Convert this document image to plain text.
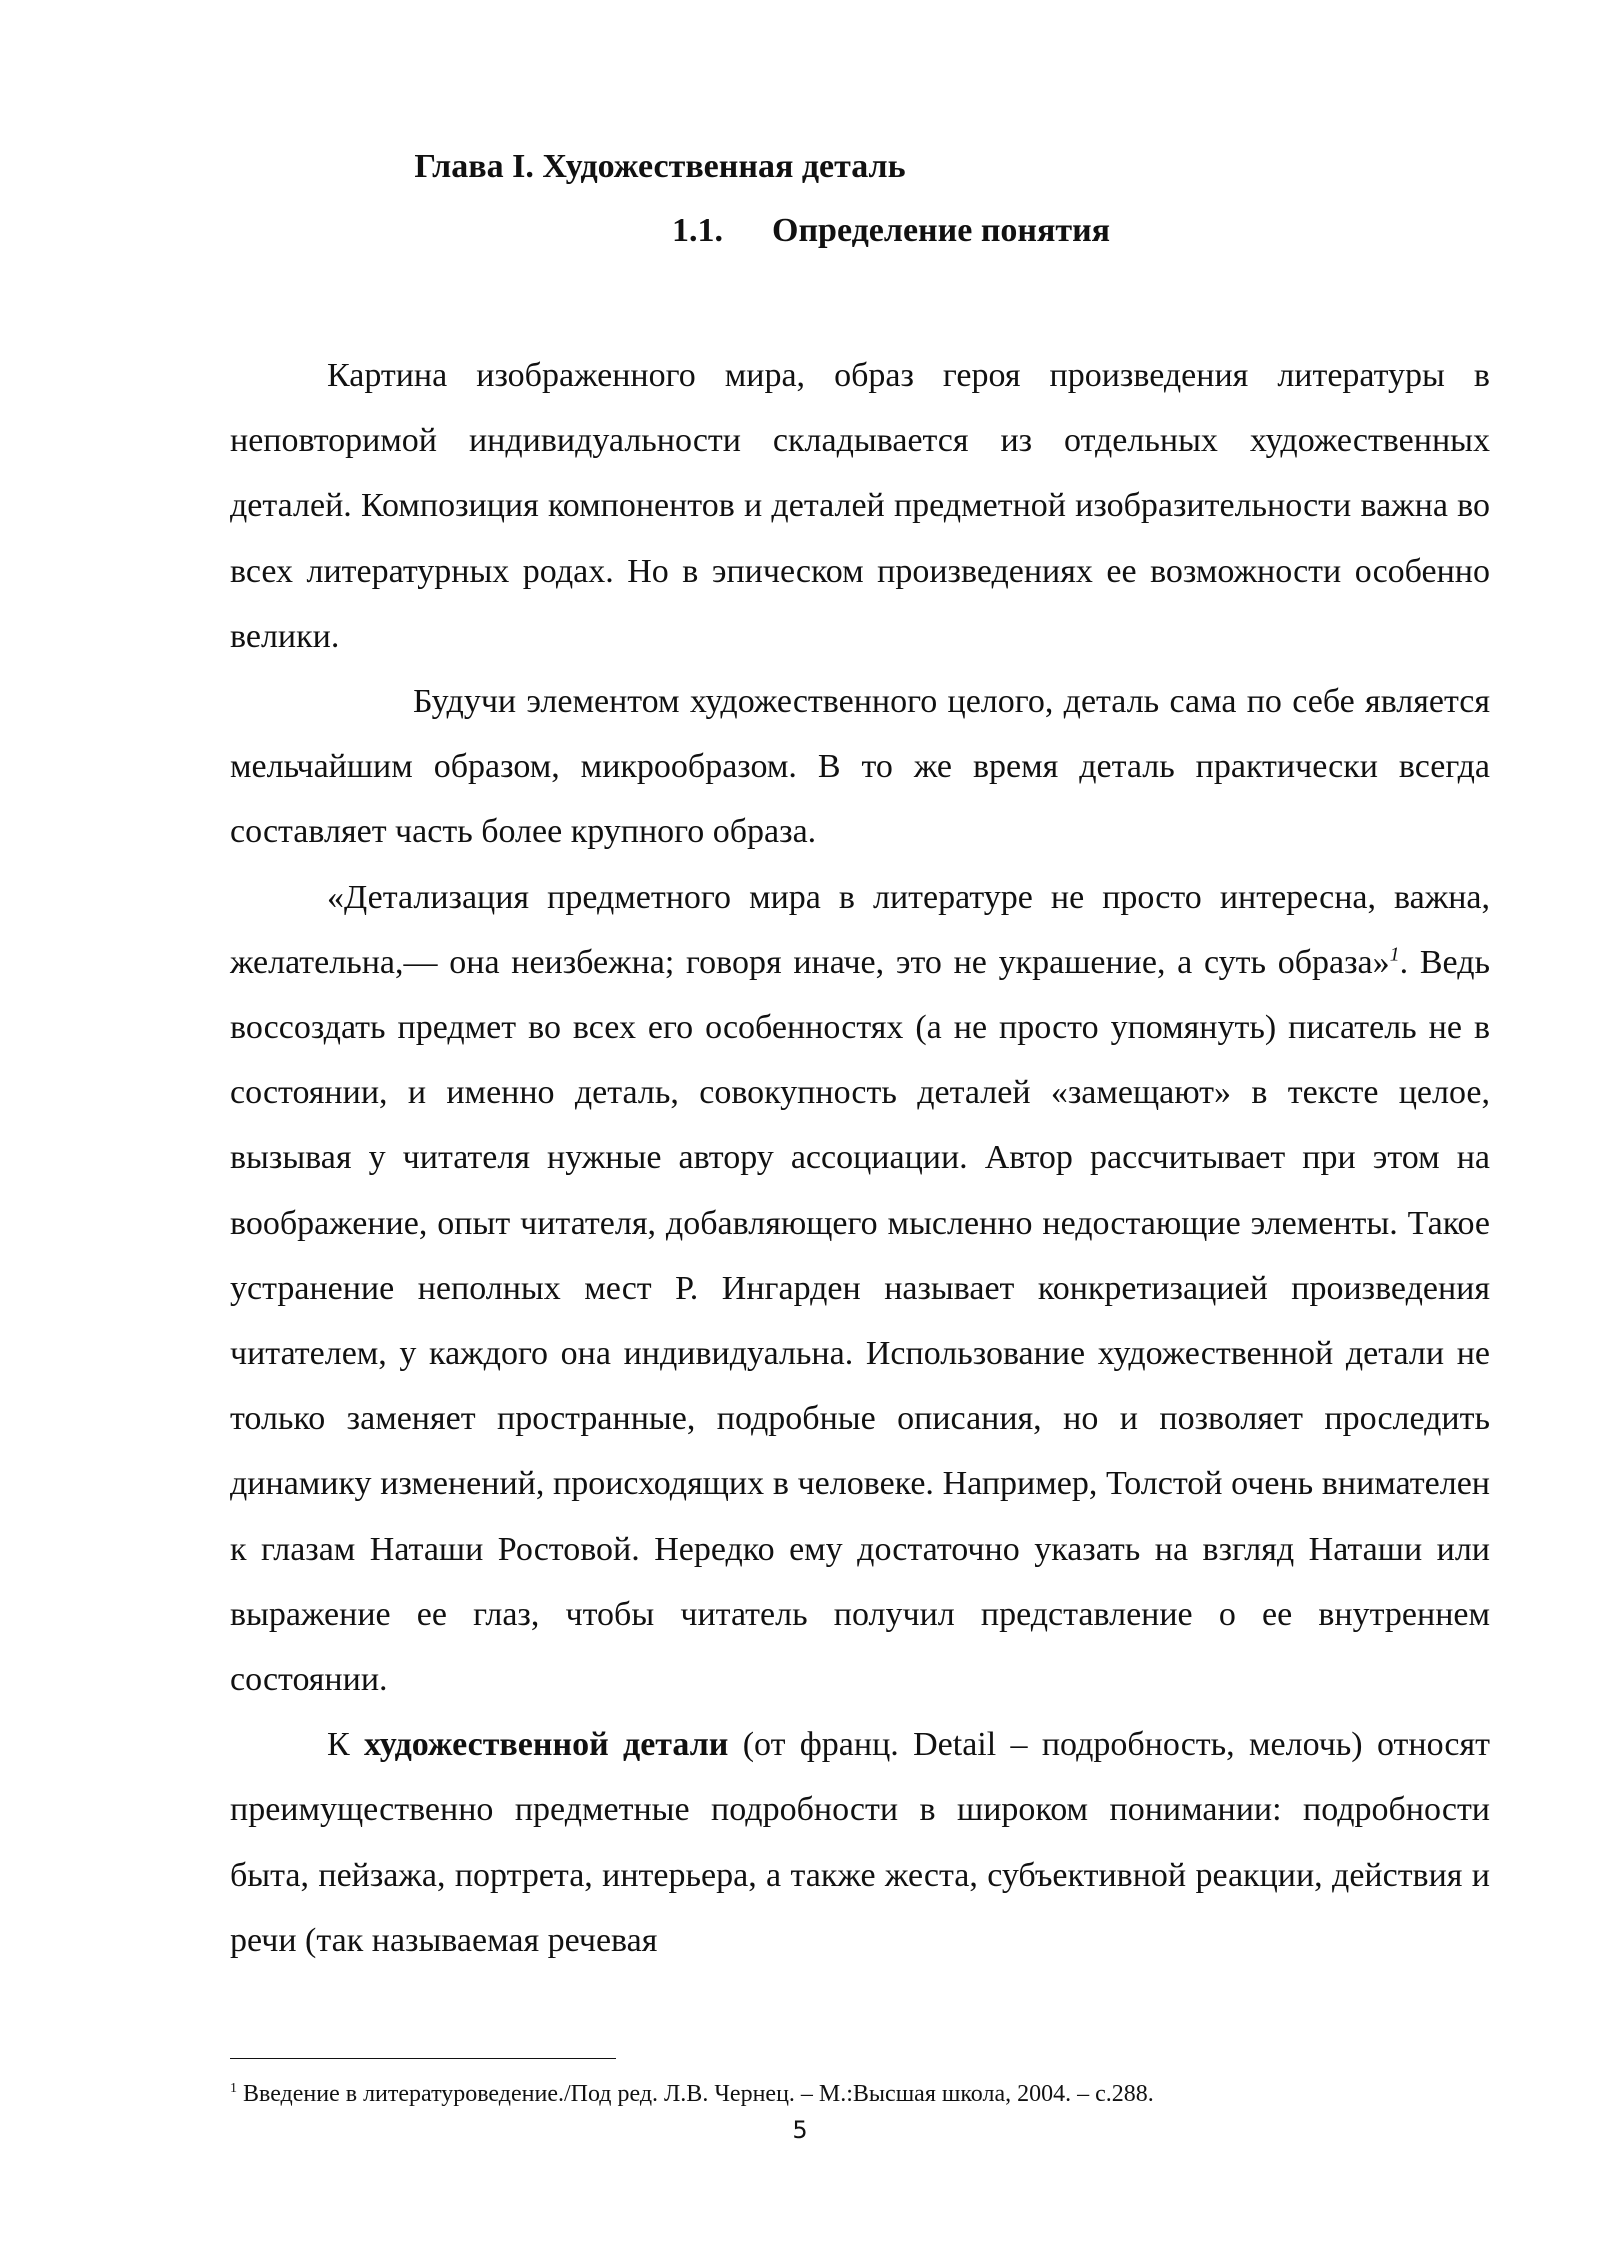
Глава I. Художественная деталь
1.1. Определение понятия

Картина изображенного мира, образ героя произведения литературы в неповторимой индивидуальности складывается из отдельных художественных деталей. Композиция компонентов и деталей предметной изобразительности важна во всех литературных родах. Но в эпическом произведениях ее возможности особенно велики.

Будучи элементом художественного целого, деталь сама по себе является мельчайшим образом, микрообразом. В то же время деталь практически всегда составляет часть более крупного образа.

«Детализация предметного мира в литературе не просто интересна, важна, желательна,— она неизбежна; говоря иначе, это не украшение, а суть образа»$^1$. Ведь воссоздать предмет во всех его особенностях (а не просто упомянуть) писатель не в состоянии, и именно деталь, совокупность деталей «замещают» в тексте целое, вызывая у читателя нужные автору ассоциации. Автор рассчитывает при этом на воображение, опыт читателя, добавляющего мысленно недостающие элементы. Такое устранение неполных мест Р. Ингарден называет конкретизацией произведения читателем, у каждого она индивидуальна. Использование художественной детали не только заменяет пространные, подробные описания, но и позволяет проследить динамику изменений, происходящих в человеке. Например, Толстой очень внимателен к глазам Наташи Ростовой. Нередко ему достаточно указать на взгляд Наташи или выражение ее глаз, чтобы читатель получил представление о ее внутреннем состоянии.

К художественной детали (от франц. Detail – подробность, мелочь) относят преимущественно предметные подробности в широком понимании: подробности быта, пейзажа, портрета, интерьера, а также жеста, субъективной реакции, действия и речи (так называемая речевая

$^1$ Введение в литературоведение./Под ред. Л.В. Чернец. – М.:Высшая школа, 2004. – с.288.
5
